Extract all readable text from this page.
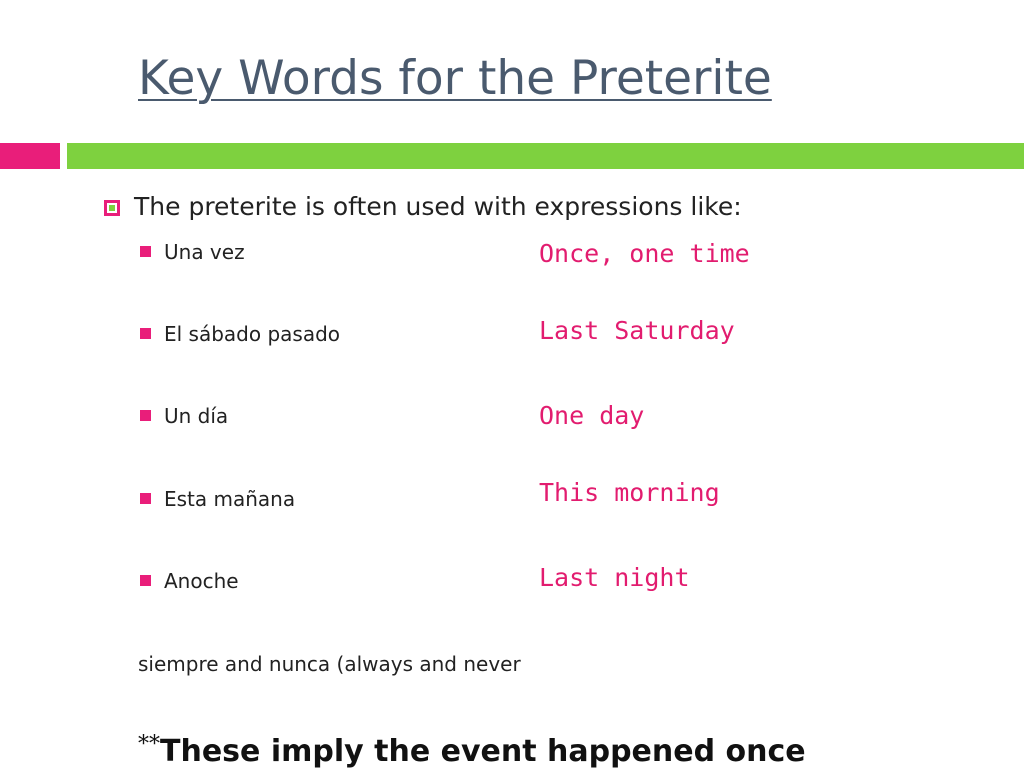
Key Words for the Preterite
The preterite is often used with expressions like:
Una vez	Once, one time
El sábado pasado	Last Saturday
Un día	One day
Esta mañana	This morning
Anoche	Last night
siempre and nunca (always and never
**These imply the event happened once
